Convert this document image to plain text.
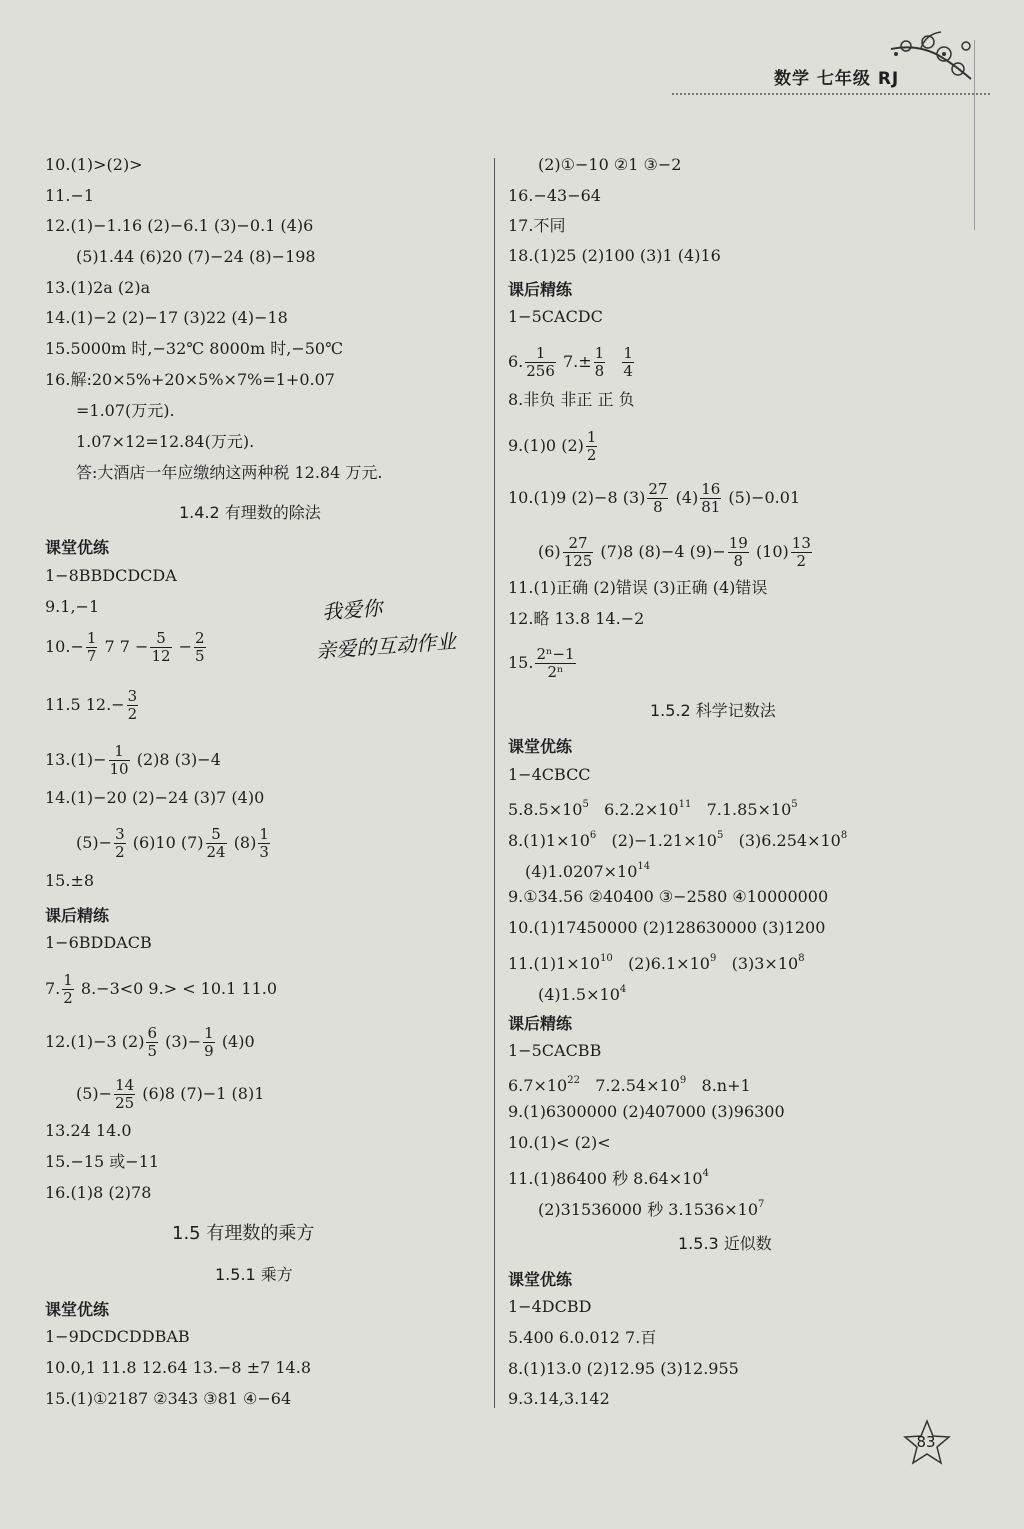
数学 七年级 RJ
10.(1)>(2)>
11.−1
12.(1)−1.16 (2)−6.1 (3)−0.1 (4)6
(5)1.44 (6)20 (7)−24 (8)−198
13.(1)2a (2)a
14.(1)−2 (2)−17 (3)22 (4)−18
15.5000m 时,−32℃ 8000m 时,−50℃
16.解:20×5%+20×5%×7%=1+0.07
=1.07(万元).
1.07×12=12.84(万元).
答:大酒店一年应缴纳这两种税 12.84 万元.
1.4.2 有理数的除法
课堂优练
1−8BBDCDCDA
9.1,−1
$10.- \frac{1}{7} 7$ $7 - \frac{5}{12} - \frac{2}{5}$
11.5 $12.- \frac{3}{2}$
$13.(1)- \frac{1}{10} (2)8$ (3)−4
14.(1)−20 (2)−24 (3)7 (4)0
$(5)- \frac{3}{2} (6)10$ $(7) \frac{5}{24} (8) \frac{1}{3}$
15.±8
课后精练
1−6BDDACB
7. $\frac{1}{2} 8.-3<0$ 9.> < 10.1 11.0
12.(1)−3 $(2) \frac{6}{5} (3)- \frac{1}{9} (4)0$
$(5)- \frac{14}{25} (6)8$ (7)−1 (8)1
13.24 14.0
15.−15 或−11
16.(1)8 (2)78
1.5 有理数的乘方
1.5.1 乘方
课堂优练
1−9DCDCDDBAB
10.0,1 11.8 12.64 13.−8 ±7 14.8
15.(1)①2187 ②343 ③81 ④−64
我爱你
亲爱的互动作业
(2)①−10 ②1 ③−2
16.−43−64
17.不同
18.(1)25 (2)100 (3)1 (4)16
课后精练
1−5CACDC
6. $\frac{1}{256} 7.\pm \frac{1}{8}$
$\frac{1}{4}$
8.非负 非正 正 负
9.(1)0 $(2) \frac{1}{2}$
10.(1)9 (2)−8 $(3) \frac{27}{8} (4) \frac{16}{81} (5)-0.01$
$(6) \frac{27}{125} (7)8$ (8)−4 $(9)- \frac{19}{8} (10) \frac{13}{2}$
11.(1)正确 (2)错误 (3)正确 (4)错误
12.略 13.8 14.−2
15. $\frac{\text{2ⁿ−1}}{\text{2ⁿ}}$
1.5.2 科学记数法
课堂优练
1−4CBCC
$5.8.5\times 10^5$ $6.2.2\times 10^{11}$ $7.1.85\times 10^5$
$8.(1)1\times 10^6$ $(2)-1.21\times 10^5$ $(3)6.254\times 10^8$
$(4)1.0207\times 10^{14}$
9.①34.56 ②40400 ③−2580 ④10000000
10.(1)17450000 (2)128630000 (3)1200
$11.(1)1\times 10^{10}$ $(2)6.1\times 10^9$ $(3)3\times 10^8$
$(4)1.5\times 10^4$
课后精练
1−5CACBB
$6.7\times 10^{22}$ $7.2.54\times 10^9$ 8.n+1
9.(1)6300000 (2)407000 (3)96300
10.(1)< (2)<
11.(1)86400 秒 $8.64\times 10^4$
(2)31536000 秒 $3.1536\times 10^7$
1.5.3 近似数
课堂优练
1−4DCBD
5.400 6.0.012 7.百
8.(1)13.0 (2)12.95 (3)12.955
9.3.14,3.142
83
